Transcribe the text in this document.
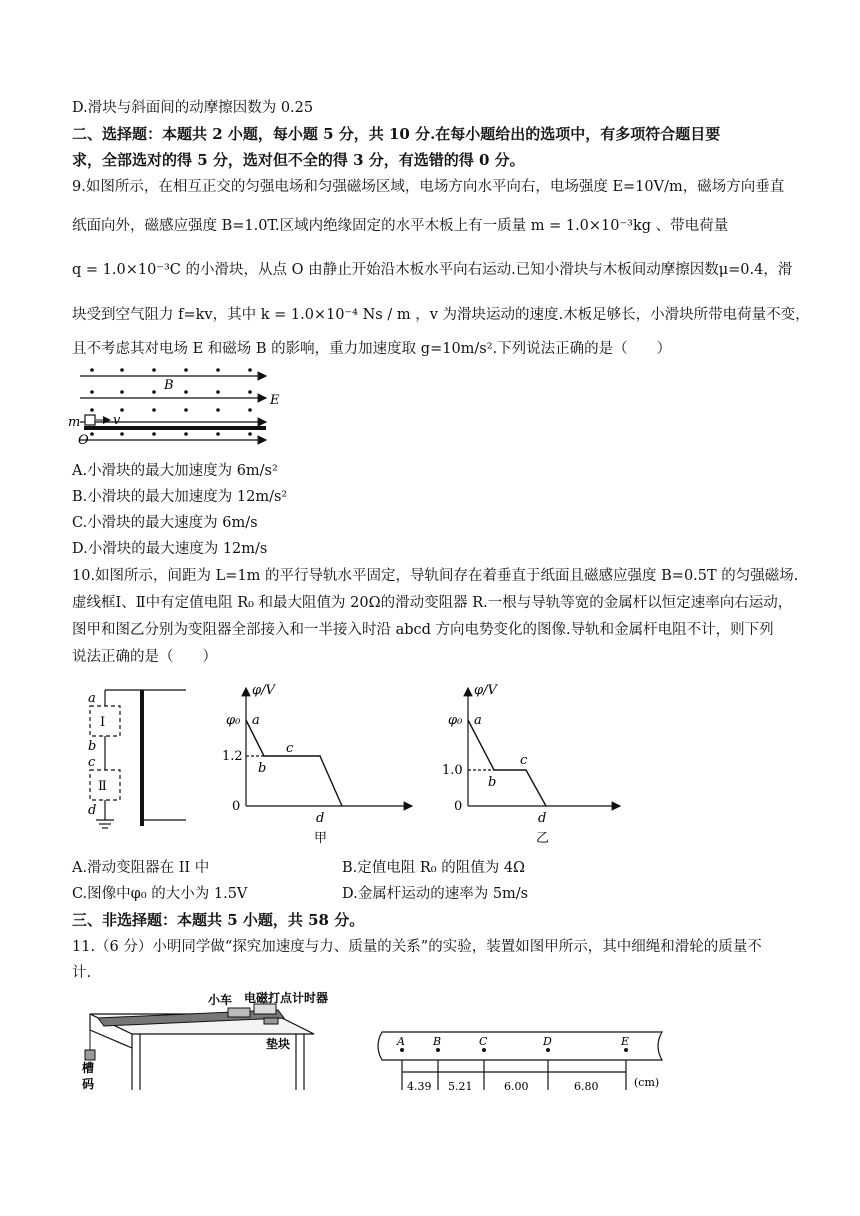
D.滑块与斜面间的动摩擦因数为 0.25
二、选择题：本题共 2 小题，每小题 5 分，共 10 分.在每小题给出的选项中，有多项符合题目要
求，全部选对的得 5 分，选对但不全的得 3 分，有选错的得 0 分。
9.如图所示，在相互正交的匀强电场和匀强磁场区域，电场方向水平向右，电场强度 E=10V/m，磁场方向垂直
纸面向外，磁感应强度 B=1.0T.区域内绝缘固定的水平木板上有一质量 m = 1.0×10⁻³kg 、带电荷量
q = 1.0×10⁻³C 的小滑块，从点 O 由静止开始沿木板水平向右运动.已知小滑块与木板间动摩擦因数μ=0.4，滑
块受到空气阻力 f=kv，其中 k = 1.0×10⁻⁴ Ns / m ，v 为滑块运动的速度.木板足够长，小滑块所带电荷量不变，
且不考虑其对电场 E 和磁场 B 的影响，重力加速度取 g=10m/s².下列说法正确的是（　　）
B
E
m	v
O
A.小滑块的最大加速度为 6m/s²
B.小滑块的最大加速度为 12m/s²
C.小滑块的最大速度为 6m/s
D.小滑块的最大速度为 12m/s
10.如图所示，间距为 L=1m 的平行导轨水平固定，导轨间存在着垂直于纸面且磁感应强度 B=0.5T 的匀强磁场.
虚线框Ⅰ、Ⅱ中有定值电阻 R₀ 和最大阻值为 20Ω的滑动变阻器 R.一根与导轨等宽的金属杆以恒定速率向右运动，
图甲和图乙分别为变阻器全部接入和一半接入时沿 abcd 方向电势变化的图像.导轨和金属杆电阻不计，则下列
说法正确的是（　　）
a
Ⅰ
b
c
Ⅱ
d
φ/V
φ₀ a
1.2
b
c
0
d
甲
φ/V
φ₀ a
1.0
b
c
0
d
乙
A.滑动变阻器在 II 中	B.定值电阻 R₀ 的阻值为 4Ω
C.图像中φ₀ 的大小为 1.5V	D.金属杆运动的速率为 5m/s
三、非选择题：本题共 5 小题，共 58 分。
11.（6 分）小明同学做“探究加速度与力、质量的关系”的实验，装置如图甲所示，其中细绳和滑轮的质量不
计.
小车 电磁打点计时器
垫块
槽
码
A	B	C	D	E
4.39 5.21	6.00	6.80	(cm)
